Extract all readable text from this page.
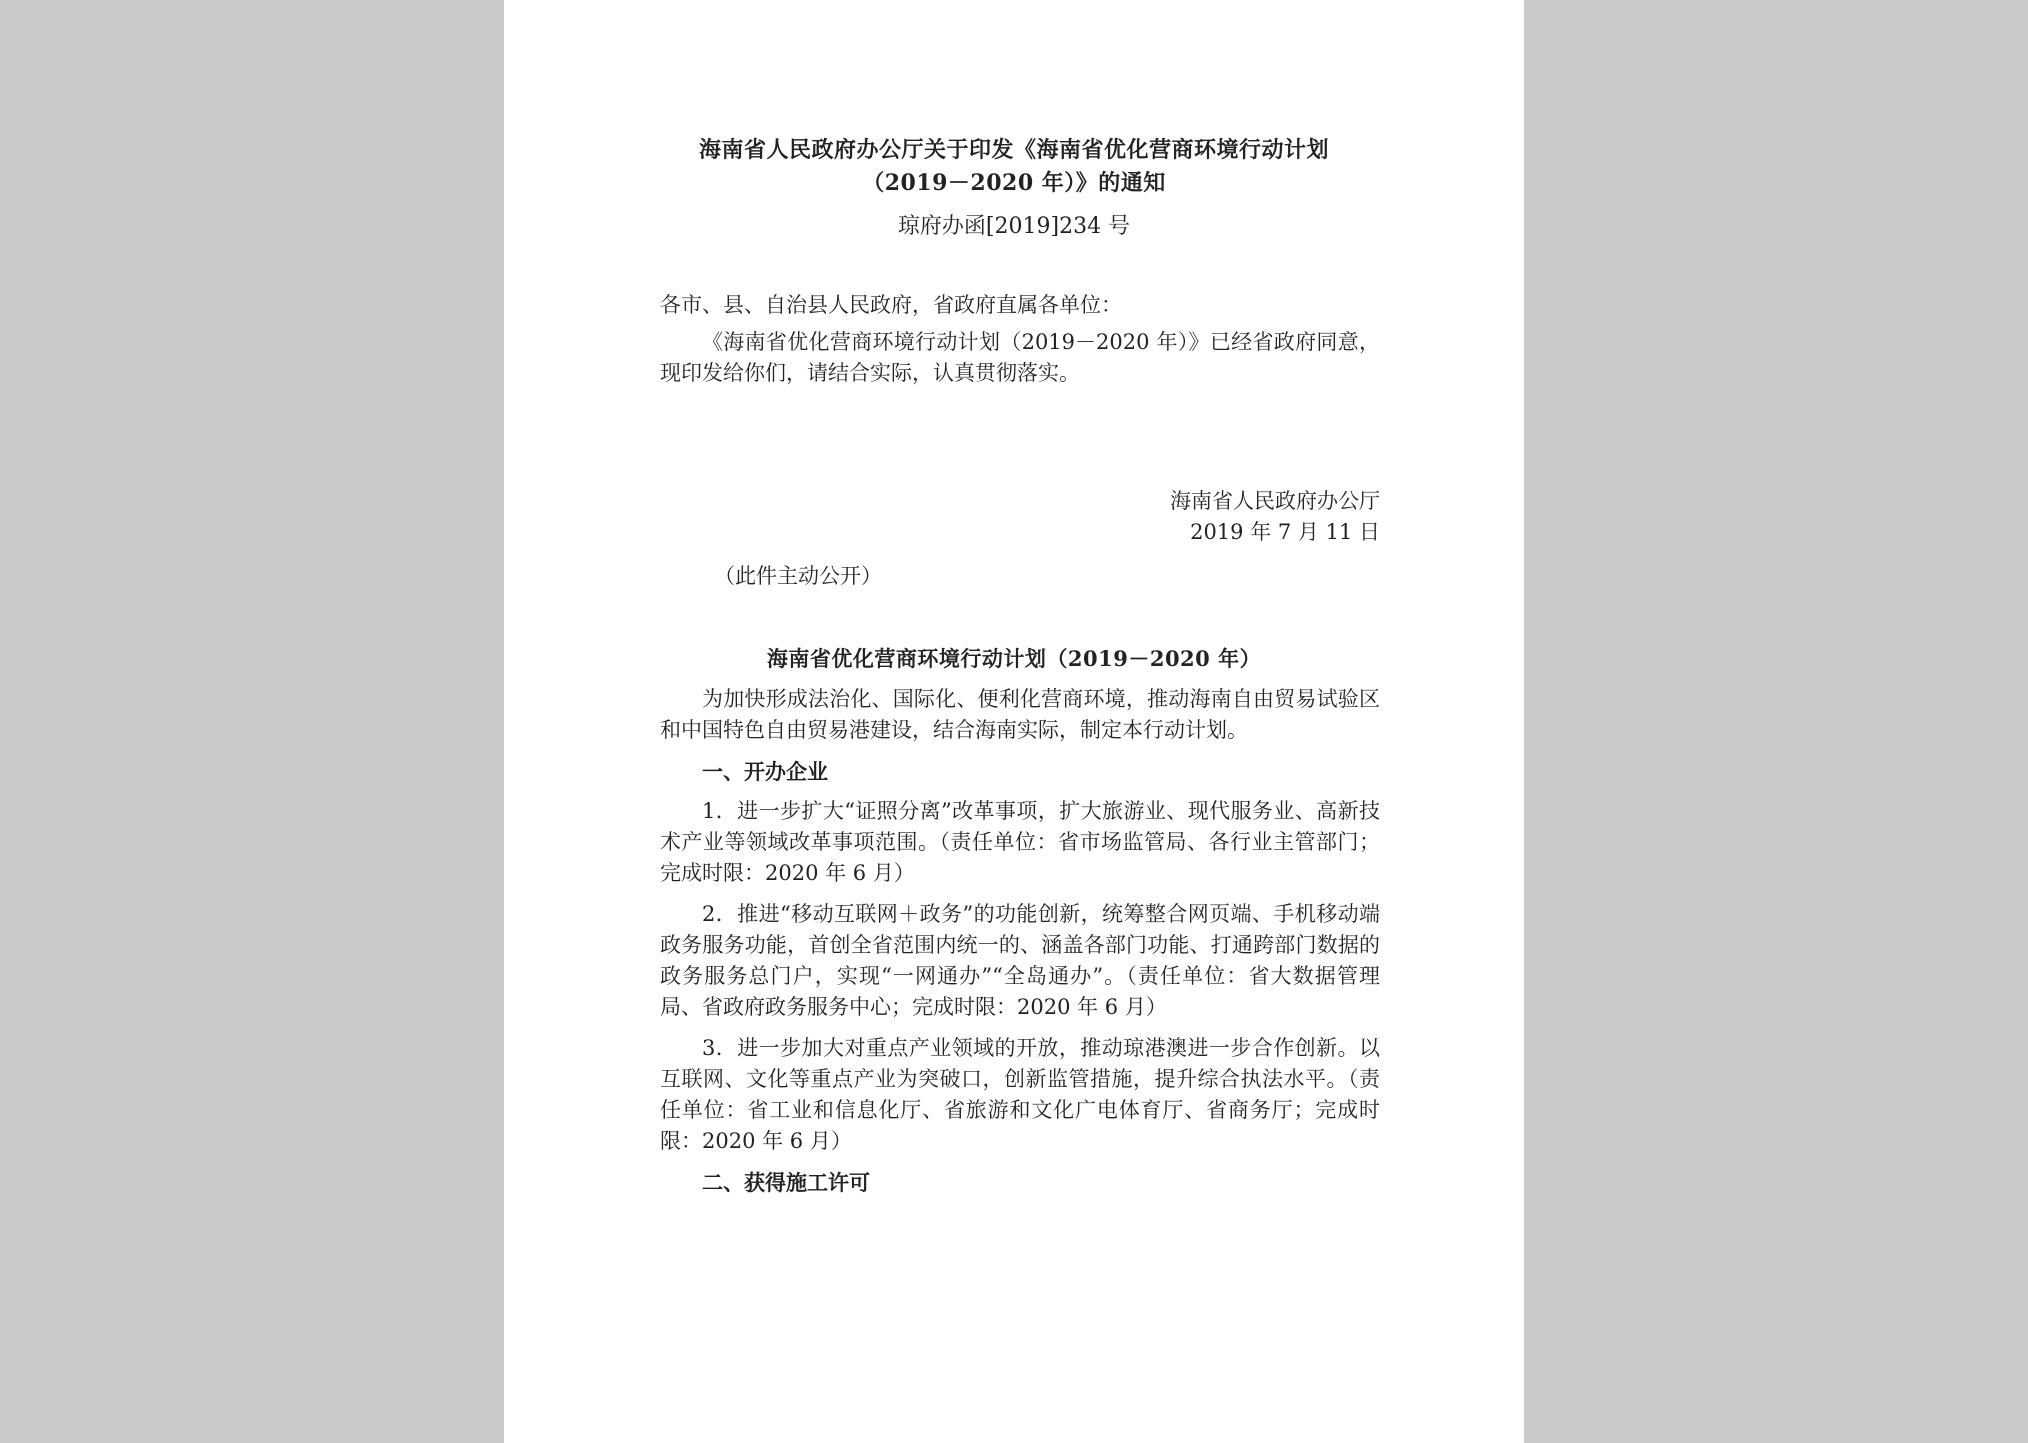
海南省人民政府办公厅关于印发《海南省优化营商环境行动计划
（2019－2020 年）》的通知
琼府办函[2019]234 号

各市、县、自治县人民政府，省政府直属各单位：

《海南省优化营商环境行动计划（2019－2020 年）》已经省政府同意，现印发给你们，请结合实际，认真贯彻落实。

海南省人民政府办公厅
2019 年 7 月 11 日
（此件主动公开）
海南省优化营商环境行动计划（2019－2020 年）

为加快形成法治化、国际化、便利化营商环境，推动海南自由贸易试验区和中国特色自由贸易港建设，结合海南实际，制定本行动计划。

一、开办企业

1．进一步扩大“证照分离”改革事项，扩大旅游业、现代服务业、高新技术产业等领域改革事项范围。（责任单位：省市场监管局、各行业主管部门；完成时限：2020 年 6 月）

2．推进“移动互联网＋政务”的功能创新，统筹整合网页端、手机移动端政务服务功能，首创全省范围内统一的、涵盖各部门功能、打通跨部门数据的政务服务总门户，实现“一网通办”“全岛通办”。（责任单位：省大数据管理局、省政府政务服务中心；完成时限：2020 年 6 月）

3．进一步加大对重点产业领域的开放，推动琼港澳进一步合作创新。以互联网、文化等重点产业为突破口，创新监管措施，提升综合执法水平。（责任单位：省工业和信息化厅、省旅游和文化广电体育厅、省商务厅；完成时限：2020 年 6 月）

二、获得施工许可
